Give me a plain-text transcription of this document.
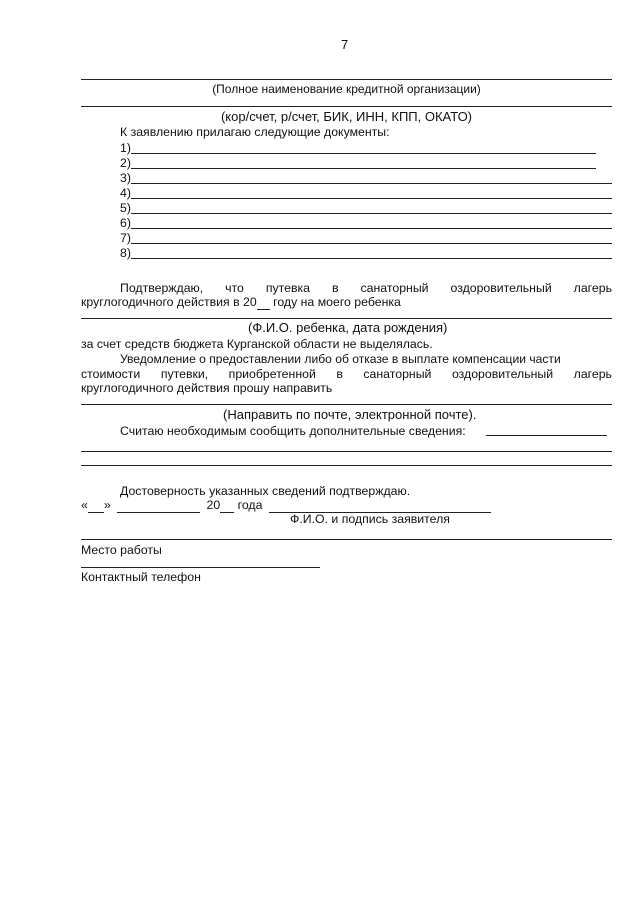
7
(Полное наименование кредитной организации)
(кор/счет, р/счет, БИК, ИНН, КПП, ОКАТО)
К заявлению прилагаю следующие документы:
1)
2)
3)
4)
5)
6)
7)
8)
Подтверждаю, что путевка в санаторный оздоровительный лагерь
круглогодичного действия в 20  году на моего ребенка
(Ф.И.О. ребенка, дата рождения)
за счет средств бюджета Курганской области не выделялась.
Уведомление о предоставлении либо об отказе в выплате компенсации части
стоимости путевки, приобретенной в санаторный оздоровительный лагерь
круглогодичного действия прошу направить
(Направить по почте, электронной почте).
Считаю необходимым сообщить дополнительные сведения:
Достоверность указанных сведений подтверждаю.
« »	20 года
Ф.И.О. и подпись заявителя
Место работы
Контактный телефон
